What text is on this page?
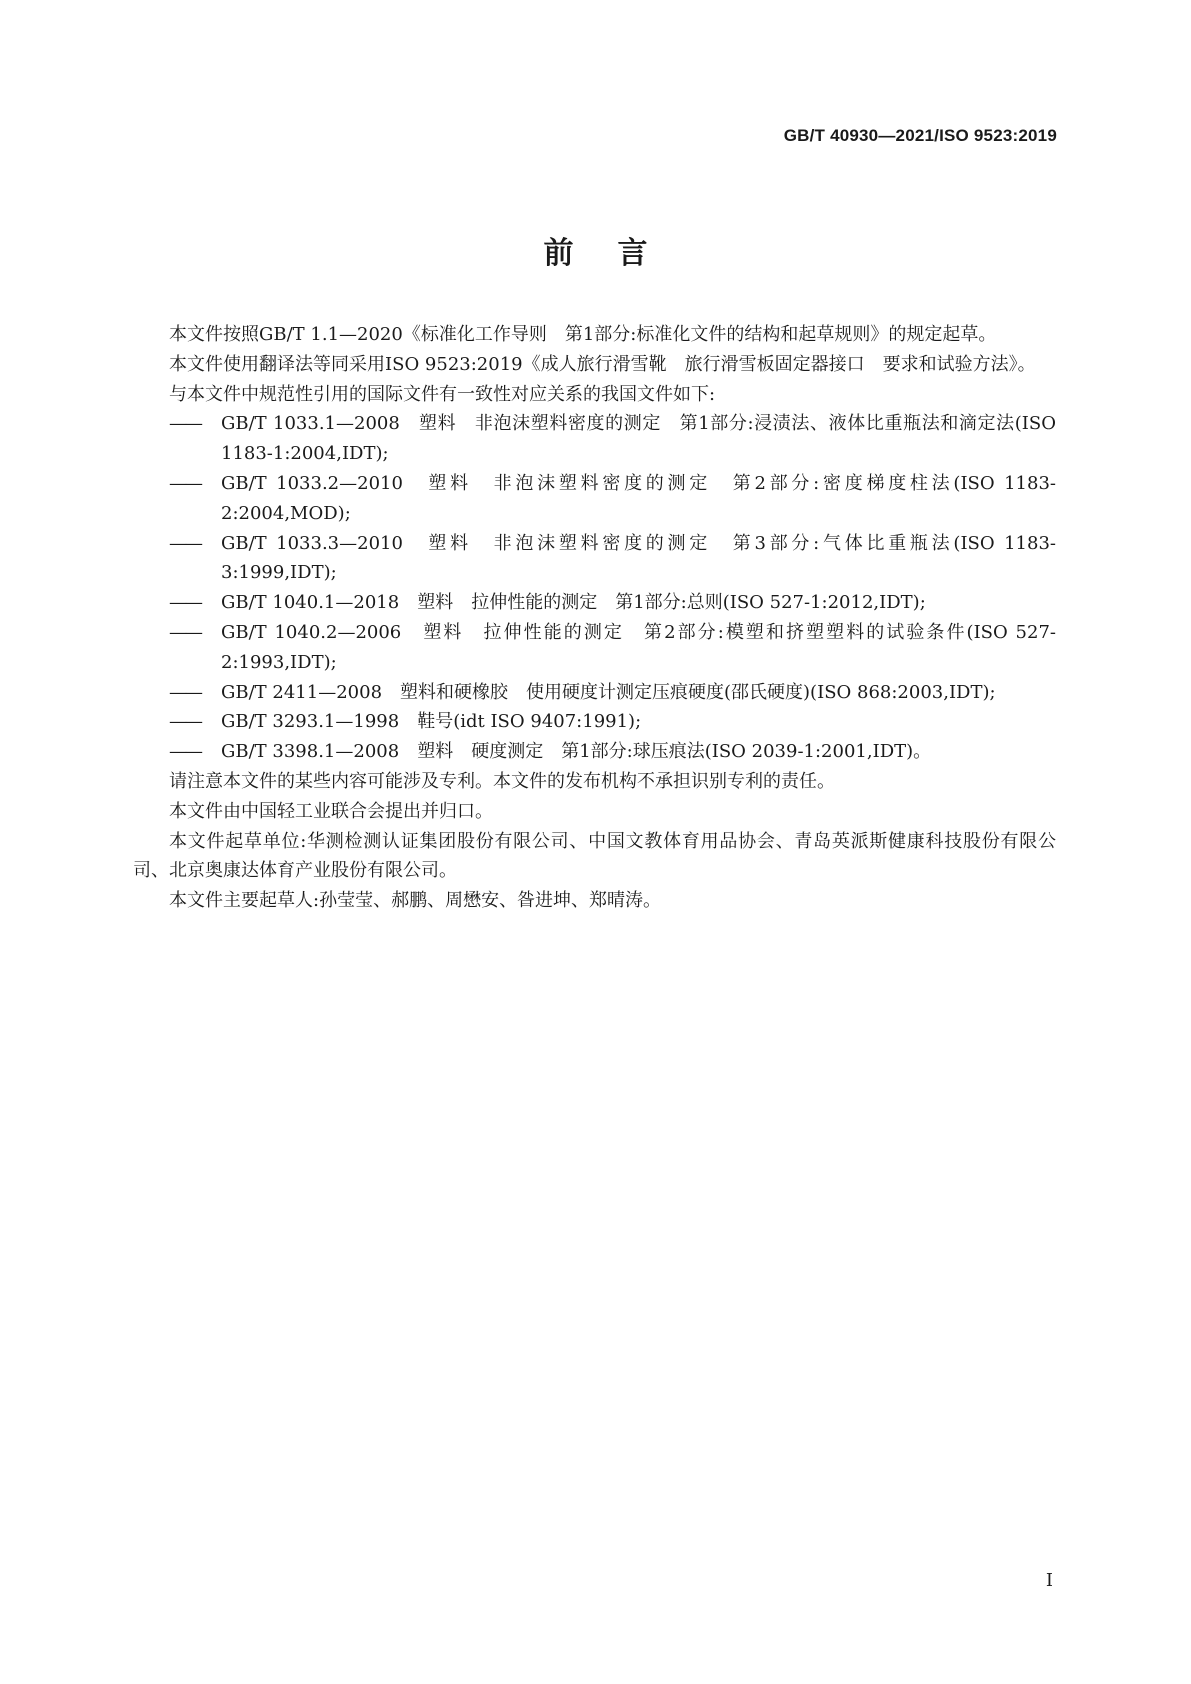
GB/T 40930—2021/ISO 9523:2019
前言

本文件按照GB/T 1.1—2020《标准化工作导则　第1部分:标准化文件的结构和起草规则》的规定起草。

本文件使用翻译法等同采用ISO 9523:2019《成人旅行滑雪靴　旅行滑雪板固定器接口　要求和试验方法》。

与本文件中规范性引用的国际文件有一致性对应关系的我国文件如下:

—— GB/T 1033.1—2008　塑料　非泡沫塑料密度的测定　第1部分:浸渍法、液体比重瓶法和滴定法(ISO 1183-1:2004,IDT);

—— GB/T 1033.2—2010　塑料　非泡沫塑料密度的测定　第2部分:密度梯度柱法(ISO 1183-2:2004,MOD);

—— GB/T 1033.3—2010　塑料　非泡沫塑料密度的测定　第3部分:气体比重瓶法(ISO 1183-3:1999,IDT);

—— GB/T 1040.1—2018　塑料　拉伸性能的测定　第1部分:总则(ISO 527-1:2012,IDT);

—— GB/T 1040.2—2006　塑料　拉伸性能的测定　第2部分:模塑和挤塑塑料的试验条件(ISO 527-2:1993,IDT);

—— GB/T 2411—2008　塑料和硬橡胶　使用硬度计测定压痕硬度(邵氏硬度)(ISO 868:2003,IDT);

—— GB/T 3293.1—1998　鞋号(idt ISO 9407:1991);

—— GB/T 3398.1—2008　塑料　硬度测定　第1部分:球压痕法(ISO 2039-1:2001,IDT)。

请注意本文件的某些内容可能涉及专利。本文件的发布机构不承担识别专利的责任。

本文件由中国轻工业联合会提出并归口。

本文件起草单位:华测检测认证集团股份有限公司、中国文教体育用品协会、青岛英派斯健康科技股份有限公司、北京奥康达体育产业股份有限公司。

本文件主要起草人:孙莹莹、郝鹏、周懋安、昝进坤、郑晴涛。

I
